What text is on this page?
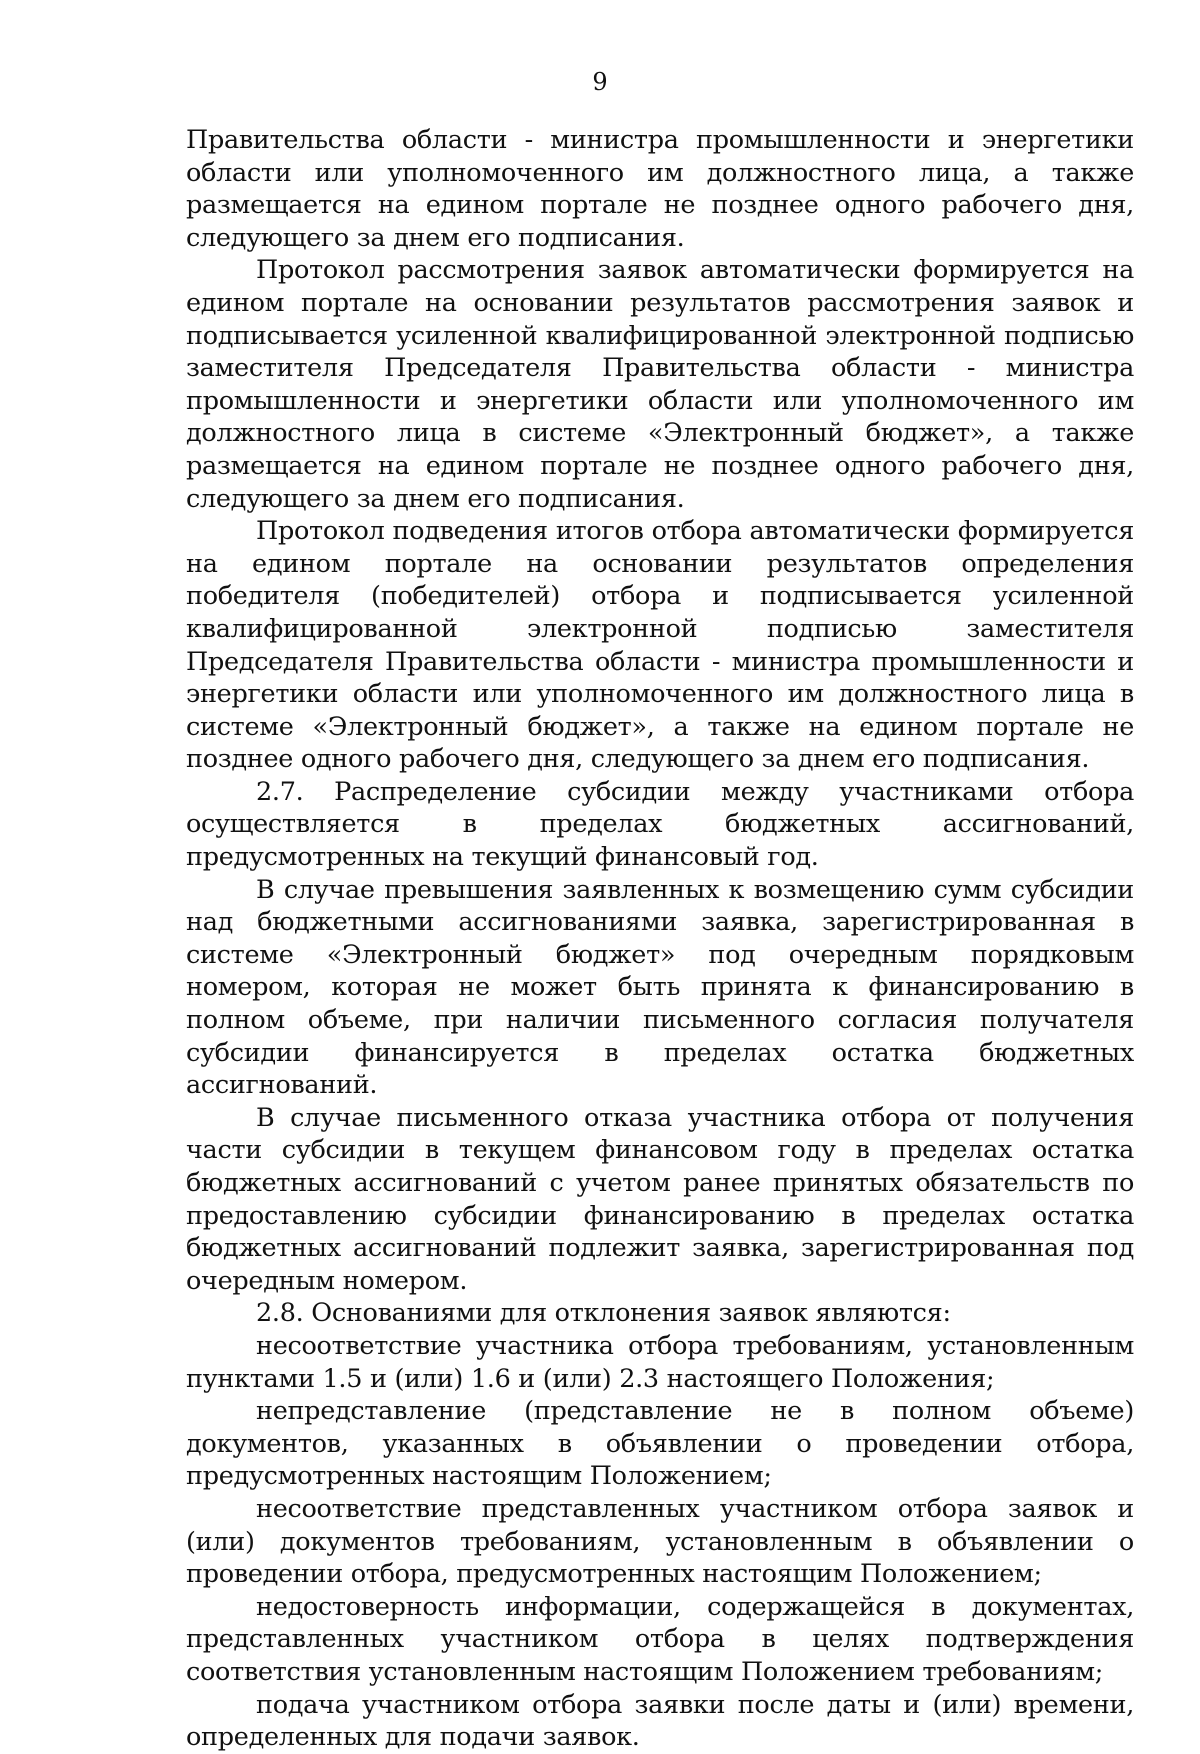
9

Правительства области - министра промышленности и энергетики области или уполномоченного им должностного лица, а также размещается на едином портале не позднее одного рабочего дня, следующего за днем его подписания.

Протокол рассмотрения заявок автоматически формируется на едином портале на основании результатов рассмотрения заявок и подписывается усиленной квалифицированной электронной подписью заместителя Председателя Правительства области - министра промышленности и энергетики области или уполномоченного им должностного лица в системе «Электронный бюджет», а также размещается на едином портале не позднее одного рабочего дня, следующего за днем его подписания.

Протокол подведения итогов отбора автоматически формируется на едином портале на основании результатов определения победителя (победителей) отбора и подписывается усиленной квалифицированной электронной подписью заместителя Председателя Правительства области - министра промышленности и энергетики области или уполномоченного им должностного лица в системе «Электронный бюджет», а также на едином портале не позднее одного рабочего дня, следующего за днем его подписания.

2.7. Распределение субсидии между участниками отбора осуществляется в пределах бюджетных ассигнований, предусмотренных на текущий финансовый год.

В случае превышения заявленных к возмещению сумм субсидии над бюджетными ассигнованиями заявка, зарегистрированная в системе «Электронный бюджет» под очередным порядковым номером, которая не может быть принята к финансированию в полном объеме, при наличии письменного согласия получателя субсидии финансируется в пределах остатка бюджетных ассигнований.

В случае письменного отказа участника отбора от получения части субсидии в текущем финансовом году в пределах остатка бюджетных ассигнований с учетом ранее принятых обязательств по предоставлению субсидии финансированию в пределах остатка бюджетных ассигнований подлежит заявка, зарегистрированная под очередным номером.

2.8. Основаниями для отклонения заявок являются:

несоответствие участника отбора требованиям, установленным пунктами 1.5 и (или) 1.6 и (или) 2.3 настоящего Положения;

непредставление (представление не в полном объеме) документов, указанных в объявлении о проведении отбора, предусмотренных настоящим Положением;

несоответствие представленных участником отбора заявок и (или) документов требованиям, установленным в объявлении о проведении отбора, предусмотренных настоящим Положением;

недостоверность информации, содержащейся в документах, представленных участником отбора в целях подтверждения соответствия установленным настоящим Положением требованиям;

подача участником отбора заявки после даты и (или) времени, определенных для подачи заявок.
